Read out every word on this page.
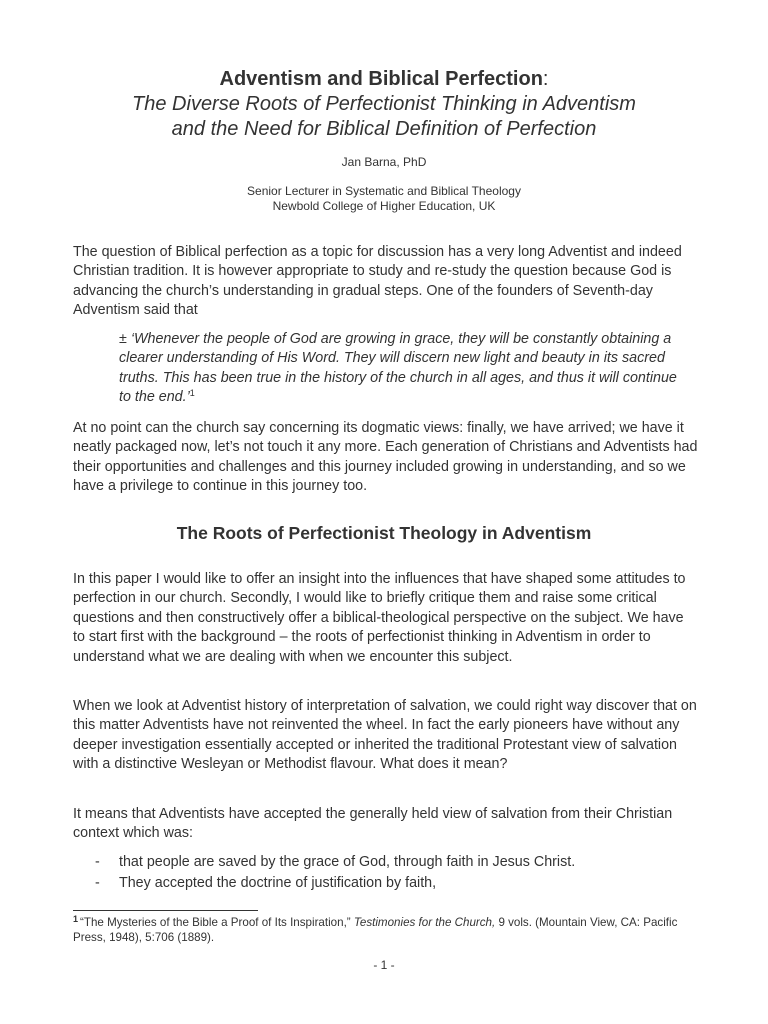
Adventism and Biblical Perfection:
The Diverse Roots of Perfectionist Thinking in Adventism
and the Need for Biblical Definition of Perfection
Jan Barna, PhD
Senior Lecturer in Systematic and Biblical Theology
Newbold College of Higher Education, UK

The question of Biblical perfection as a topic for discussion has a very long Adventist and indeed Christian tradition. It is however appropriate to study and re-study the question because God is advancing the church’s understanding in gradual steps. One of the founders of Seventh-day Adventism said that

± ‘Whenever the people of God are growing in grace, they will be constantly obtaining a clearer understanding of His Word. They will discern new light and beauty in its sacred truths. This has been true in the history of the church in all ages, and thus it will continue to the end.’$^1$

At no point can the church say concerning its dogmatic views: finally, we have arrived; we have it neatly packaged now, let’s not touch it any more. Each generation of Christians and Adventists had their opportunities and challenges and this journey included growing in understanding, and so we have a privilege to continue in this journey too.

The Roots of Perfectionist Theology in Adventism

In this paper I would like to offer an insight into the influences that have shaped some attitudes to perfection in our church. Secondly, I would like to briefly critique them and raise some critical questions and then constructively offer a biblical-theological perspective on the subject. We have to start first with the background – the roots of perfectionist thinking in Adventism in order to understand what we are dealing with when we encounter this subject.

When we look at Adventist history of interpretation of salvation, we could right way discover that on this matter Adventists have not reinvented the wheel. In fact the early pioneers have without any deeper investigation essentially accepted or inherited the traditional Protestant view of salvation with a distinctive Wesleyan or Methodist flavour. What does it mean?

It means that Adventists have accepted the generally held view of salvation from their Christian context which was:

- that people are saved by the grace of God, through faith in Jesus Christ.
- They accepted the doctrine of justification by faith,
$^1$ “The Mysteries of the Bible a Proof of Its Inspiration,” Testimonies for the Church, 9 vols. (Mountain View, CA: Pacific Press, 1948), 5:706 (1889).
- 1 -
